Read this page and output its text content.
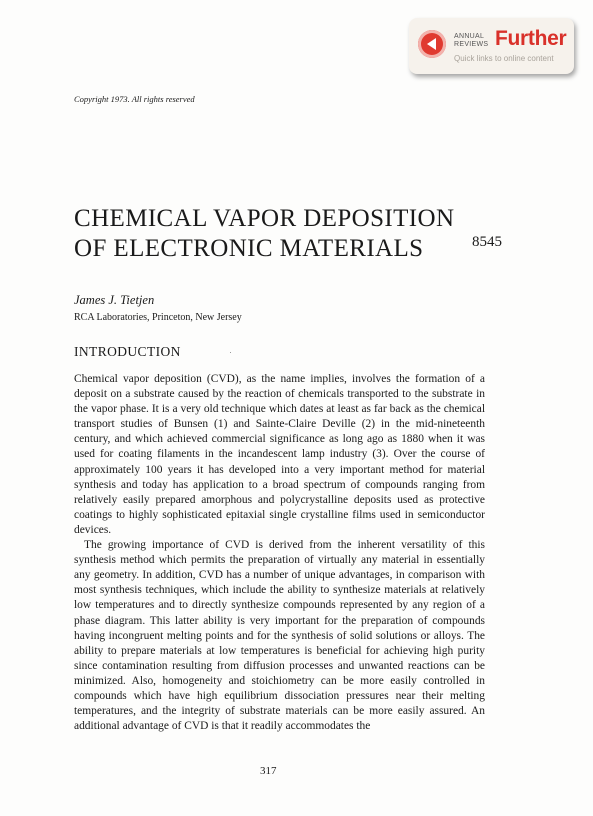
ANNUAL
REVIEWS Further
Quick links to online content
Copyright 1973. All rights reserved
CHEMICAL VAPOR DEPOSITION
OF ELECTRONIC MATERIALS	8545
James J. Tietjen
RCA Laboratories, Princeton, New Jersey
INTRODUCTION

Chemical vapor deposition (CVD), as the name implies, involves the formation of a deposit on a substrate caused by the reaction of chemicals transported to the substrate in the vapor phase. It is a very old technique which dates at least as far back as the chemical transport studies of Bunsen (1) and Sainte-Claire Deville (2) in the mid-nineteenth century, and which achieved commercial significance as long ago as 1880 when it was used for coating filaments in the incandescent lamp industry (3). Over the course of approximately 100 years it has developed into a very important method for material synthesis and today has application to a broad spectrum of compounds ranging from relatively easily prepared amorphous and polycrystalline deposits used as protective coatings to highly sophisticated epitaxial single crystalline films used in semiconductor devices.

The growing importance of CVD is derived from the inherent versatility of this synthesis method which permits the preparation of virtually any material in essentially any geometry. In addition, CVD has a number of unique advantages, in comparison with most synthesis techniques, which include the ability to synthesize materials at relatively low temperatures and to directly synthesize compounds represented by any region of a phase diagram. This latter ability is very important for the preparation of compounds having incongruent melting points and for the synthesis of solid solutions or alloys. The ability to prepare materials at low temperatures is beneficial for achieving high purity since contamination resulting from diffusion processes and unwanted reactions can be minimized. Also, homogeneity and stoichiometry can be more easily controlled in compounds which have high equilibrium dissociation pressures near their melting temperatures, and the integrity of substrate materials can be more easily assured. An additional advantage of CVD is that it readily accommodates the

317
